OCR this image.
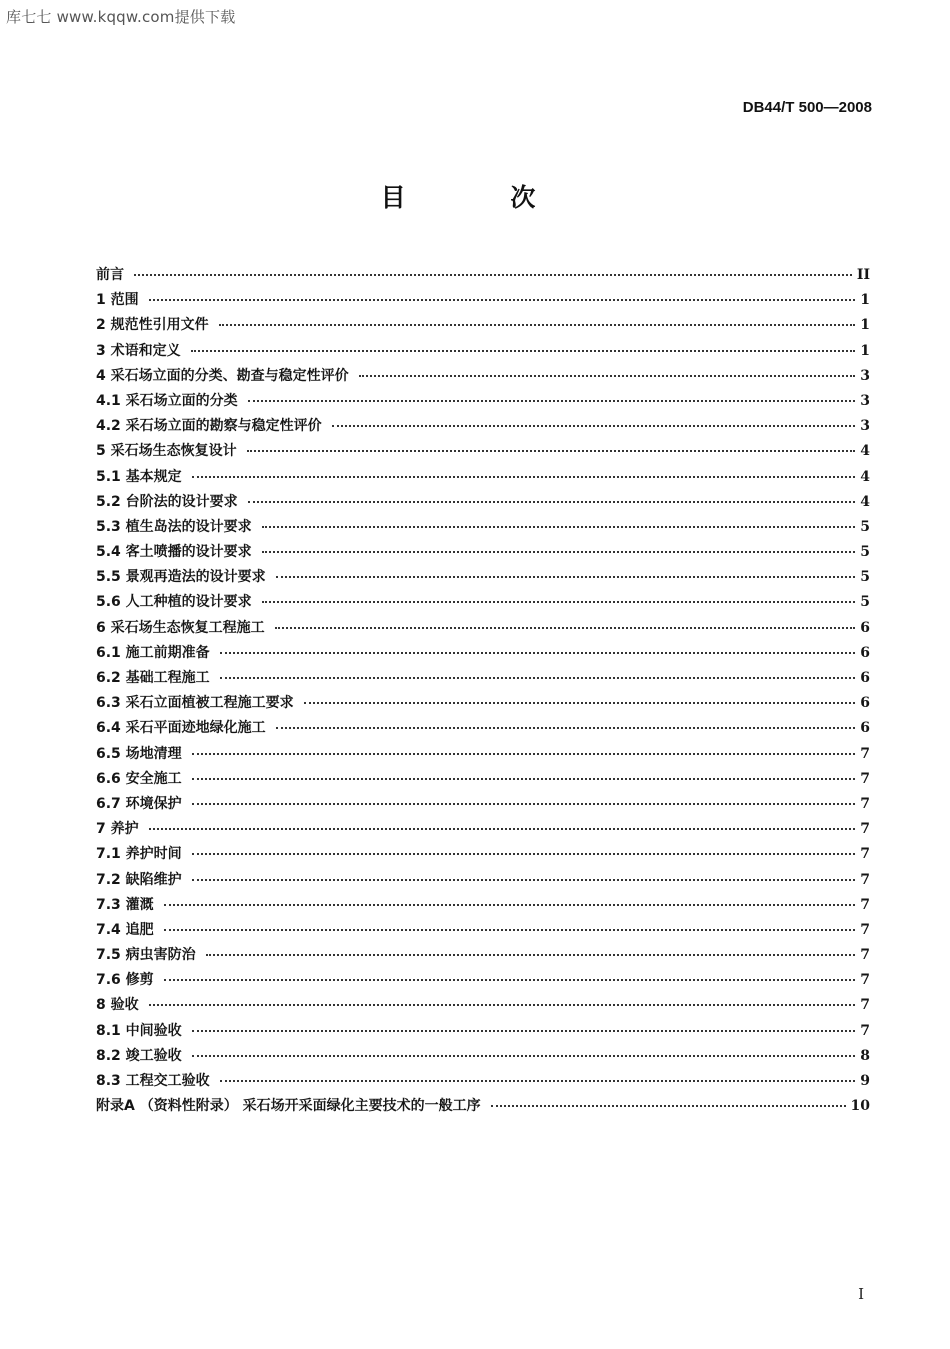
库七七 www.kqqw.com提供下载
DB44/T 500—2008
目 次
前言	II
1 范围	1
2 规范性引用文件	1
3 术语和定义	1
4 采石场立面的分类、勘查与稳定性评价	3
4.1 采石场立面的分类	3
4.2 采石场立面的勘察与稳定性评价	3
5 采石场生态恢复设计	4
5.1 基本规定	4
5.2 台阶法的设计要求	4
5.3 植生岛法的设计要求	5
5.4 客土喷播的设计要求	5
5.5 景观再造法的设计要求	5
5.6 人工种植的设计要求	5
6 采石场生态恢复工程施工	6
6.1 施工前期准备	6
6.2 基础工程施工	6
6.3 采石立面植被工程施工要求	6
6.4 采石平面迹地绿化施工	6
6.5 场地清理	7
6.6 安全施工	7
6.7 环境保护	7
7 养护	7
7.1 养护时间	7
7.2 缺陷维护	7
7.3 灌溉	7
7.4 追肥	7
7.5 病虫害防治	7
7.6 修剪	7
8 验收	7
8.1 中间验收	7
8.2 竣工验收	8
8.3 工程交工验收	9
附录A （资料性附录） 采石场开采面绿化主要技术的一般工序	10
I
